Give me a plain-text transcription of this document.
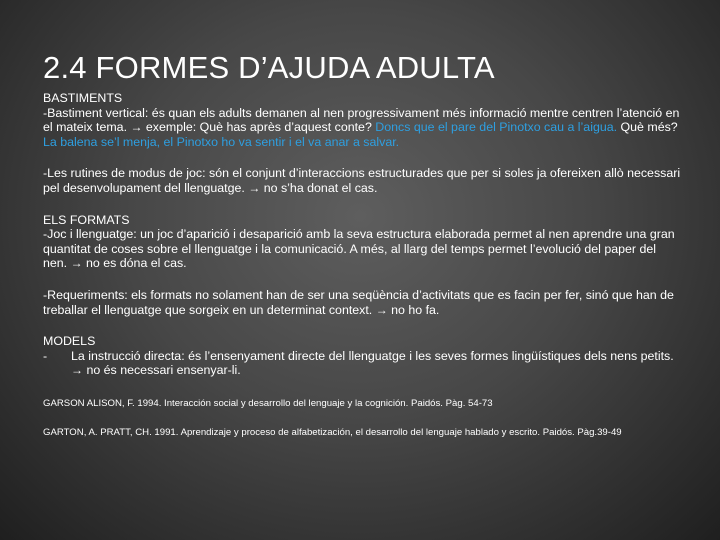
2.4 FORMES D’AJUDA ADULTA

BASTIMENTS

-Bastiment vertical: és quan els adults demanen al nen progressivament més informació mentre centren l’atenció en el mateix tema. → exemple: Què has après d’aquest conte? Doncs que el pare del Pinotxo cau a l’aigua. Què més? La balena se’l menja, el Pinotxo ho va sentir i el va anar a salvar.

-Les rutines de modus de joc: són el conjunt d’interaccions estructurades que per si soles ja ofereixen allò necessari pel desenvolupament del llenguatge. → no s’ha donat el cas.

ELS FORMATS

-Joc i llenguatge: un joc d’aparició i desaparició amb la seva estructura elaborada permet al nen aprendre una gran quantitat de coses sobre el llenguatge i la comunicació. A més, al llarg del temps permet l’evolució del paper del nen. → no es dóna el cas.

-Requeriments: els formats no solament han de ser una seqüència d’activitats que es facin per fer, sinó que han de treballar el llenguatge que sorgeix en un determinat context. → no ho fa.

MODELS

-	La instrucció directa: és l’ensenyament directe del llenguatge i les seves formes lingüístiques dels nens petits. → no és necessari ensenyar-li.

GARSON ALISON, F. 1994. Interacción social y desarrollo del lenguaje y la cognición. Paidós. Pàg. 54-73

GARTON, A. PRATT, CH. 1991. Aprendizaje y proceso de alfabetización, el desarrollo del lenguaje hablado y escrito. Paidós. Pàg.39-49
